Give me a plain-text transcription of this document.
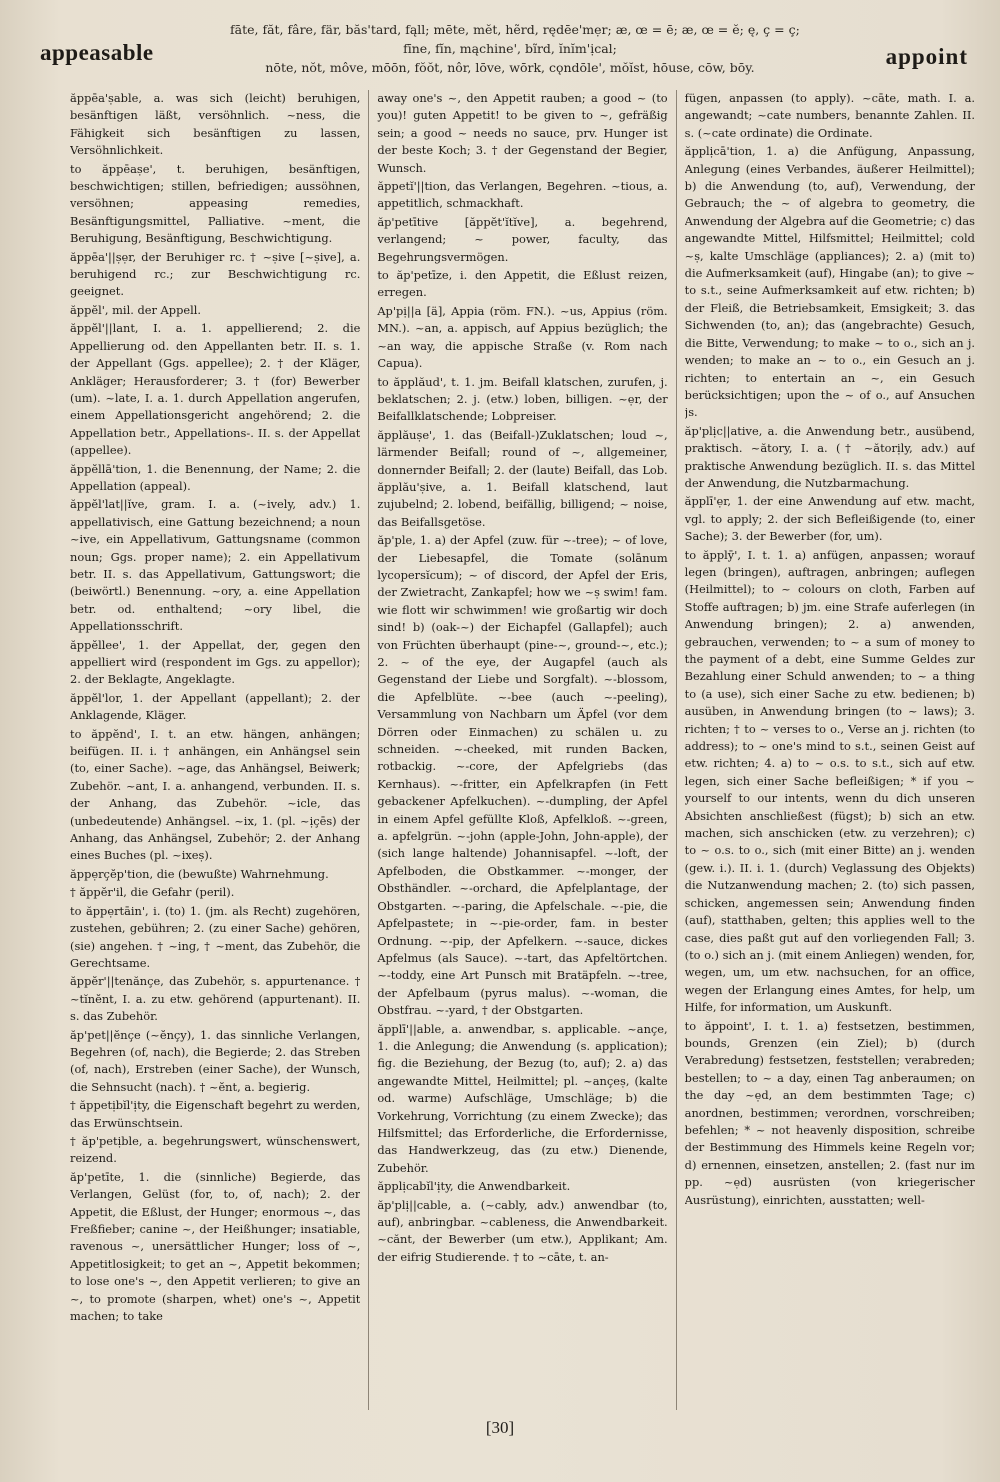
appeasable
fāte, făt, fâre, fär, băs'tard, fąll; mēte, mĕt, hẽrd, rędēe'mẹr; æ, œ = ē; æ, œ = ĕ; ę, ç = ç;
fīne, fĭn, mąchine', bĩrd, ĭnĭm'ịcal;
nōte, nŏt, môve, mōōn, fŏŏt, nôr, lōve, wōrk, cǫndōle', mŏĭst, hōuse, cōw, bōy.	appoint

ăppēa'ṣable, a. was sich (leicht) beruhigen, besänftigen läßt, versöhnlich. ~ness, die Fähigkeit sich besänftigen zu lassen, Versöhnlichkeit.

to ăppēaṣe', t. beruhigen, besänftigen, beschwichtigen; stillen, befriedigen; aussöhnen, versöhnen; appeasing remedies, Besänftigungsmittel, Palliative. ~ment, die Beruhigung, Besänftigung, Beschwichtigung.

ăppēa'||ṣẹr, der Beruhiger rc. † ~ṣive [~ṣive], a. beruhigend rc.; zur Beschwichtigung rc. geeignet.

ăppĕl', mil. der Appell.

ăppĕl'||lant, I. a. 1. appellierend; 2. die Appellierung od. den Appellanten betr. II. s. 1. der Appellant (Ggs. appellee); 2. † der Kläger, Ankläger; Herausforderer; 3. † (for) Bewerber (um). ~late, I. a. 1. durch Appellation angerufen, einem Appellationsgericht angehörend; 2. die Appellation betr., Appellations-. II. s. der Appellat (appellee).

ăppĕllā'tion, 1. die Benennung, der Name; 2. die Appellation (appeal).

ăppĕl'lat||ĭve, gram. I. a. (~ively, adv.) 1. appellativisch, eine Gattung bezeichnend; a noun ~ive, ein Appellativum, Gattungsname (common noun; Ggs. proper name); 2. ein Appellativum betr. II. s. das Appellativum, Gattungswort; die (beiwörtl.) Benennung. ~ory, a. eine Appellation betr. od. enthaltend; ~ory libel, die Appellationsschrift.

ăppĕllee', 1. der Appellat, der, gegen den appelliert wird (respondent im Ggs. zu appellor); 2. der Beklagte, Angeklagte.

ăppĕl'lor, 1. der Appellant (appellant); 2. der Anklagende, Kläger.

to ăppĕnd', I. t. an etw. hängen, anhängen; beifügen. II. i. † anhängen, ein Anhängsel sein (to, einer Sache). ~age, das Anhängsel, Beiwerk; Zubehör. ~ant, I. a. anhangend, verbunden. II. s. der Anhang, das Zubehör. ~icle, das (unbedeutende) Anhängsel. ~ix, 1. (pl. ~ịçēs) der Anhang, das Anhängsel, Zubehör; 2. der Anhang eines Buches (pl. ~ixeṣ).

ăppẹrçĕp'tion, die (bewußte) Wahrnehmung.

† ăppĕr'il, die Gefahr (peril).

to ăppẹrtāin', i. (to) 1. (jm. als Recht) zugehören, zustehen, gebühren; 2. (zu einer Sache) gehören, (sie) angehen. † ~ing, † ~ment, das Zubehör, die Gerechtsame.

ăppĕr'||tenănçe, das Zubehör, s. appurtenance. † ~tĭnĕnt, I. a. zu etw. gehörend (appurtenant). II. s. das Zubehör.

ăp'pet||ĕnçe (~ĕnçy), 1. das sinnliche Verlangen, Begehren (of, nach), die Begierde; 2. das Streben (of, nach), Erstreben (einer Sache), der Wunsch, die Sehnsucht (nach). † ~ĕnt, a. begierig.

† ăppetịbĭl'ịty, die Eigenschaft begehrt zu werden, das Erwünschtsein.

† ăp'petịble, a. begehrungswert, wünschenswert, reizend.

ăp'petīte, 1. die (sinnliche) Begierde, das Verlangen, Gelüst (for, to, of, nach); 2. der Appetit, die Eßlust, der Hunger; enormous ~, das Freßfieber; canine ~, der Heißhunger; insatiable, ravenous ~, unersättlicher Hunger; loss of ~, Appetitlosigkeit; to get an ~, Appetit bekommen; to lose one's ~, den Appetit verlieren; to give an ~, to promote (sharpen, whet) one's ~, Appetit machen; to take

away one's ~, den Appetit rauben; a good ~ (to you)! guten Appetit! to be given to ~, gefräßig sein; a good ~ needs no sauce, prv. Hunger ist der beste Koch; 3. † der Gegenstand der Begier, Wunsch.

ăppetĭ'||tion, das Verlangen, Begehren. ~tious, a. appetitlich, schmackhaft.

ăp'petītive [ăppĕt'ĭtĭve], a. begehrend, verlangend; ~ power, faculty, das Begehrungsvermögen.

to ăp'petīze, i. den Appetit, die Eßlust reizen, erregen.

Ap'pị||a [ä], Appia (röm. FN.). ~us, Appius (röm. MN.). ~an, a. appisch, auf Appius bezüglich; the ~an way, die appische Straße (v. Rom nach Capua).

to ăpplăud', t. 1. jm. Beifall klatschen, zurufen, j. beklatschen; 2. j. (etw.) loben, billigen. ~ẹr, der Beifallklatschende; Lobpreiser.

ăpplăuṣe', 1. das (Beifall-)Zuklatschen; loud ~, lärmender Beifall; round of ~, allgemeiner, donnernder Beifall; 2. der (laute) Beifall, das Lob. ăpplău'ṣive, a. 1. Beifall klatschend, laut zujubelnd; 2. lobend, beifällig, billigend; ~ noise, das Beifallsgetöse.

ăp'ple, 1. a) der Apfel (zuw. für ~-tree); ~ of love, der Liebesapfel, die Tomate (solānum lycopersĭcum); ~ of discord, der Apfel der Eris, der Zwietracht, Zankapfel; how we ~ṣ swim! fam. wie flott wir schwimmen! wie großartig wir doch sind! b) (oak-~) der Eichapfel (Gallapfel); auch von Früchten überhaupt (pine-~, ground-~, etc.); 2. ~ of the eye, der Augapfel (auch als Gegenstand der Liebe und Sorgfalt). ~-blossom, die Apfelblüte. ~-bee (auch ~-peeling), Versammlung von Nachbarn um Äpfel (vor dem Dörren oder Einmachen) zu schälen u. zu schneiden. ~-cheeked, mit runden Backen, rotbackig. ~-core, der Apfelgriebs (das Kernhaus). ~-fritter, ein Apfelkrapfen (in Fett gebackener Apfelkuchen). ~-dumpling, der Apfel in einem Apfel gefüllte Kloß, Apfelkloß. ~-green, a. apfelgrün. ~-john (apple-John, John-apple), der (sich lange haltende) Johannisapfel. ~-loft, der Apfelboden, die Obstkammer. ~-monger, der Obsthändler. ~-orchard, die Apfelplantage, der Obstgarten. ~-paring, die Apfelschale. ~-pie, die Apfelpastete; in ~-pie-order, fam. in bester Ordnung. ~-pip, der Apfelkern. ~-sauce, dickes Apfelmus (als Sauce). ~-tart, das Apfeltörtchen. ~-toddy, eine Art Punsch mit Bratäpfeln. ~-tree, der Apfelbaum (pyrus malus). ~-woman, die Obstfrau. ~-yard, † der Obstgarten.

ăpplī'||able, a. anwendbar, s. applicable. ~ançe, 1. die Anlegung; die Anwendung (s. application); fig. die Beziehung, der Bezug (to, auf); 2. a) das angewandte Mittel, Heilmittel; pl. ~ançeṣ, (kalte od. warme) Aufschläge, Umschläge; b) die Vorkehrung, Vorrichtung (zu einem Zwecke); das Hilfsmittel; das Erforderliche, die Erfordernisse, das Handwerkzeug, das (zu etw.) Dienende, Zubehör.

ăpplịcabĭl'ịty, die Anwendbarkeit.

ăp'plị||cable, a. (~cably, adv.) anwendbar (to, auf), anbringbar. ~cableness, die Anwendbarkeit. ~cănt, der Bewerber (um etw.), Applikant; Am. der eifrig Studierende. † to ~cāte, t. an-

fügen, anpassen (to apply). ~cāte, math. I. a. angewandt; ~cate numbers, benannte Zahlen. II. s. (~cate ordinate) die Ordinate.

ăpplịcā'tion, 1. a) die Anfügung, Anpassung, Anlegung (eines Verbandes, äußerer Heilmittel); b) die Anwendung (to, auf), Verwendung, der Gebrauch; the ~ of algebra to geometry, die Anwendung der Algebra auf die Geometrie; c) das angewandte Mittel, Hilfsmittel; Heilmittel; cold ~ṣ, kalte Umschläge (appliances); 2. a) (mit to) die Aufmerksamkeit (auf), Hingabe (an); to give ~ to s.t., seine Aufmerksamkeit auf etw. richten; b) der Fleiß, die Betriebsamkeit, Emsigkeit; 3. das Sichwenden (to, an); das (angebrachte) Gesuch, die Bitte, Verwendung; to make ~ to o., sich an j. wenden; to make an ~ to o., ein Gesuch an j. richten; to entertain an ~, ein Gesuch berücksichtigen; upon the ~ of o., auf Ansuchen js.

ăp'plịc||ative, a. die Anwendung betr., ausübend, praktisch. ~ătory, I. a. († ~ătorịly, adv.) auf praktische Anwendung bezüglich. II. s. das Mittel der Anwendung, die Nutzbarmachung.

ăpplī'ẹr, 1. der eine Anwendung auf etw. macht, vgl. to apply; 2. der sich Befleißigende (to, einer Sache); 3. der Bewerber (for, um).

to ăpplȳ', I. t. 1. a) anfügen, anpassen; worauf legen (bringen), auftragen, anbringen; auflegen (Heilmittel); to ~ colours on cloth, Farben auf Stoffe auftragen; b) jm. eine Strafe auferlegen (in Anwendung bringen); 2. a) anwenden, gebrauchen, verwenden; to ~ a sum of money to the payment of a debt, eine Summe Geldes zur Bezahlung einer Schuld anwenden; to ~ a thing to (a use), sich einer Sache zu etw. bedienen; b) ausüben, in Anwendung bringen (to ~ laws); 3. richten; † to ~ verses to o., Verse an j. richten (to address); to ~ one's mind to s.t., seinen Geist auf etw. richten; 4. a) to ~ o.s. to s.t., sich auf etw. legen, sich einer Sache befleißigen; * if you ~ yourself to our intents, wenn du dich unseren Absichten anschließest (fügst); b) sich an etw. machen, sich anschicken (etw. zu verzehren); c) to ~ o.s. to o., sich (mit einer Bitte) an j. wenden (gew. i.). II. i. 1. (durch) Veglassung des Objekts) die Nutzanwendung machen; 2. (to) sich passen, schicken, angemessen sein; Anwendung finden (auf), statthaben, gelten; this applies well to the case, dies paßt gut auf den vorliegenden Fall; 3. (to o.) sich an j. (mit einem Anliegen) wenden, for, wegen, um, um etw. nachsuchen, for an office, wegen der Erlangung eines Amtes, for help, um Hilfe, for information, um Auskunft.

to ăppoint', I. t. 1. a) festsetzen, bestimmen, bounds, Grenzen (ein Ziel); b) (durch Verabredung) festsetzen, feststellen; verabreden; bestellen; to ~ a day, einen Tag anberaumen; on the day ~ẹd, an dem bestimmten Tage; c) anordnen, bestimmen; verordnen, vorschreiben; befehlen; * ~ not heavenly disposition, schreibe der Bestimmung des Himmels keine Regeln vor; d) ernennen, einsetzen, anstellen; 2. (fast nur im pp. ~ẹd) ausrüsten (von kriegerischer Ausrüstung), einrichten, ausstatten; well-

[30]
